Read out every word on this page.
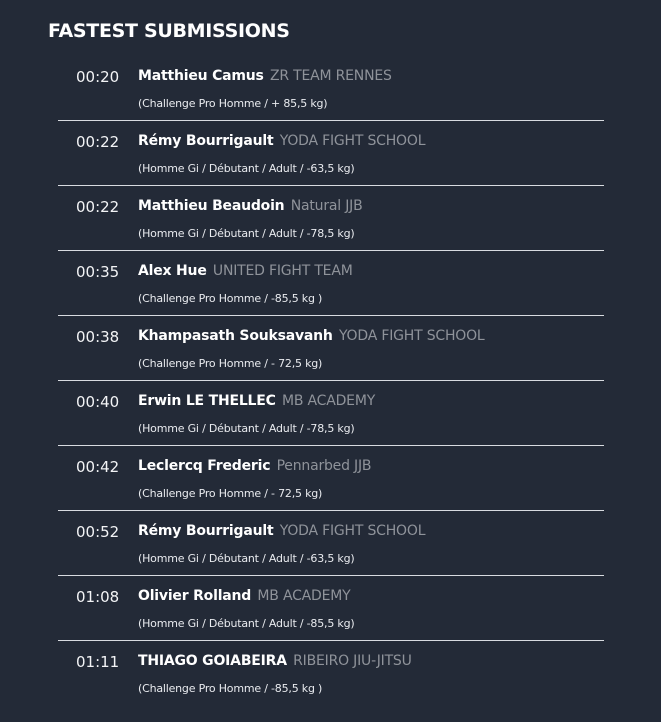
FASTEST SUBMISSIONS
00:20 Matthieu Camus ZR TEAM RENNES
(Challenge Pro Homme / + 85,5 kg)
00:22 Rémy Bourrigault YODA FIGHT SCHOOL
(Homme Gi / Débutant / Adult / -63,5 kg)
00:22 Matthieu Beaudoin Natural JJB
(Homme Gi / Débutant / Adult / -78,5 kg)
00:35 Alex Hue UNITED FIGHT TEAM
(Challenge Pro Homme / -85,5 kg )
00:38 Khampasath Souksavanh YODA FIGHT SCHOOL
(Challenge Pro Homme / - 72,5 kg)
00:40 Erwin LE THELLEC MB ACADEMY
(Homme Gi / Débutant / Adult / -78,5 kg)
00:42 Leclercq Frederic Pennarbed JJB
(Challenge Pro Homme / - 72,5 kg)
00:52 Rémy Bourrigault YODA FIGHT SCHOOL
(Homme Gi / Débutant / Adult / -63,5 kg)
01:08 Olivier Rolland MB ACADEMY
(Homme Gi / Débutant / Adult / -85,5 kg)
01:11 THIAGO GOIABEIRA RIBEIRO JIU-JITSU
(Challenge Pro Homme / -85,5 kg )
